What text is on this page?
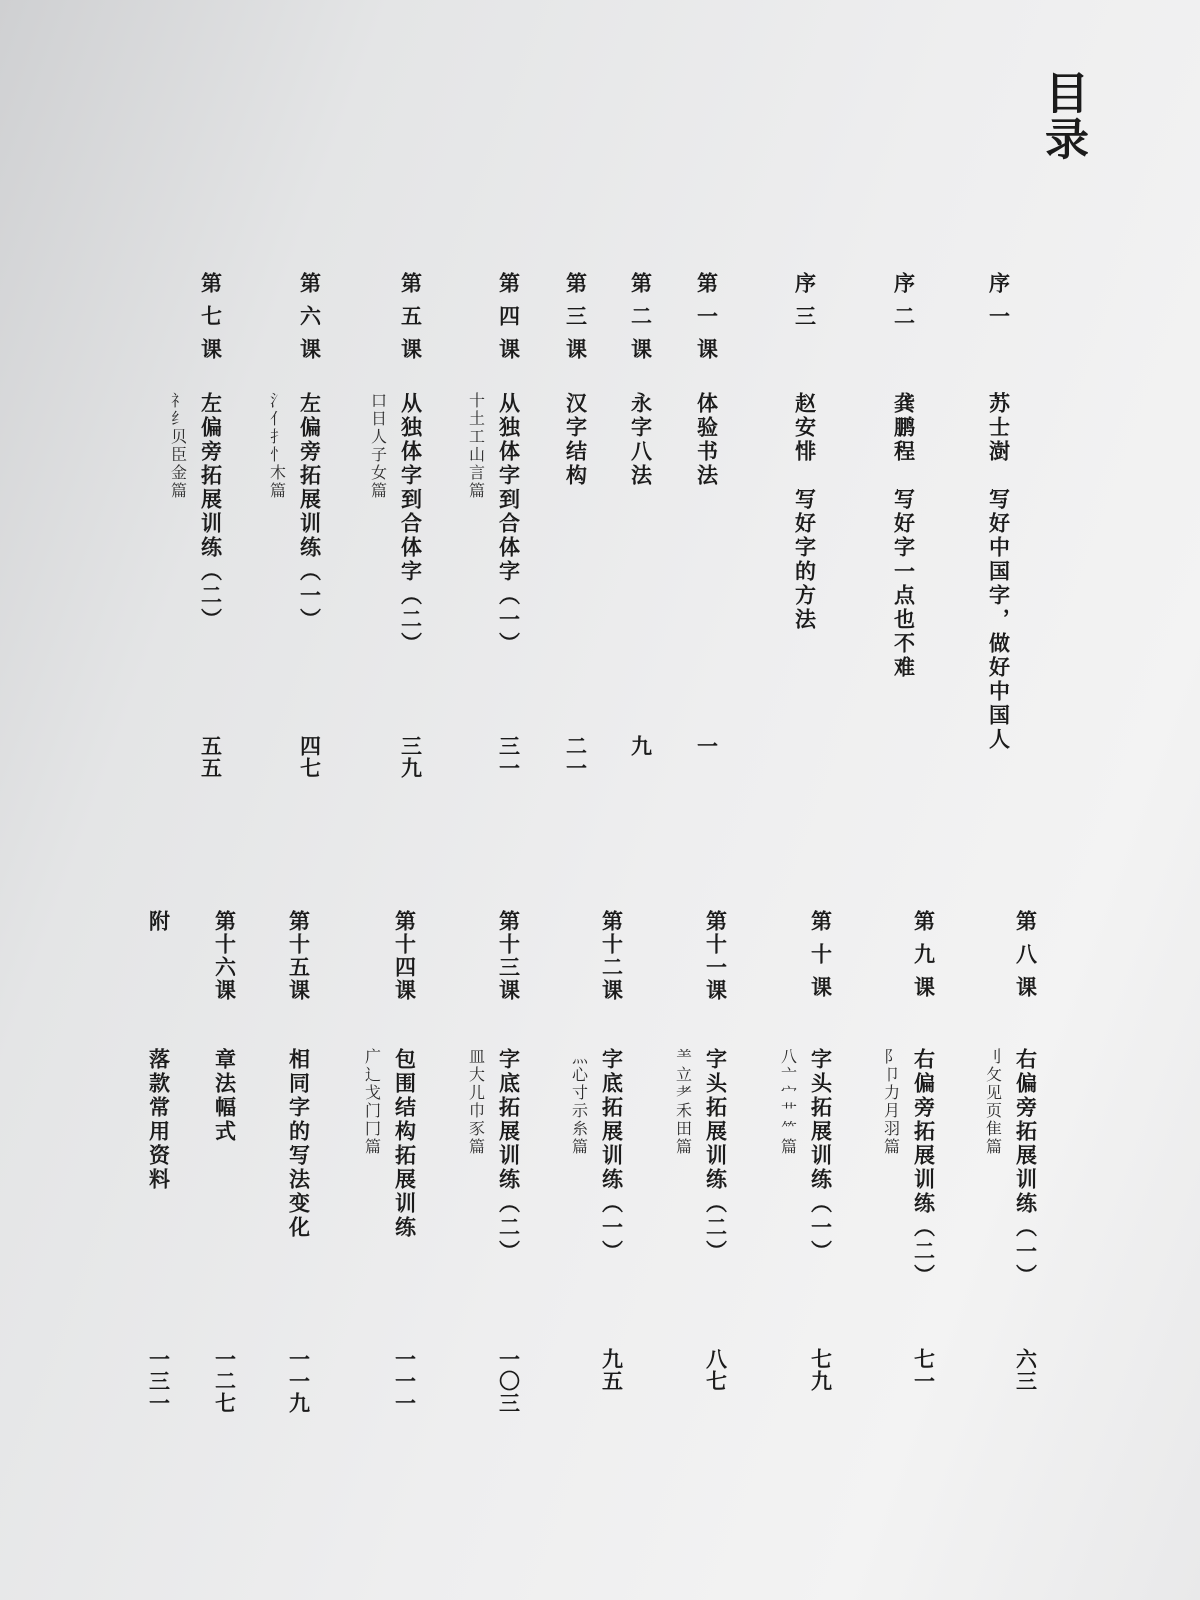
目录
序一
苏士澍　写好中国字，做好中国人
序二
龚鹏程　写好字一点也不难
序三
赵安悱　写好字的方法
第一课
体验书法
一
第二课
永字八法
九
第三课
汉字结构
二一
第四课
从独体字到合体字（一）
十土工山言篇
三一
第五课
从独体字到合体字（二）
口日人子女篇
三九
第六课
左偏旁拓展训练（一）
氵亻扌忄木篇
四七
第七课
左偏旁拓展训练（二）
礻纟贝臣金篇
五五
第八课
右偏旁拓展训练（一）
刂攵见页隹篇
六三
第九课
右偏旁拓展训练（二）
阝卩力月羽篇
七一
第十课
字头拓展训练（一）
八亠宀艹⺮篇
七九
第十一课
字头拓展训练（二）
⺷立⺹禾田篇
八七
第十二课
字底拓展训练（一）
灬心寸示糸篇
九五
第十三课
字底拓展训练（二）
皿大儿巾豕篇
一〇三
第十四课
包围结构拓展训练
广辶戈门冂篇
一一一
第十五课
相同字的写法变化
一一九
第十六课
章法幅式
一二七
附
落款常用资料
一三一
